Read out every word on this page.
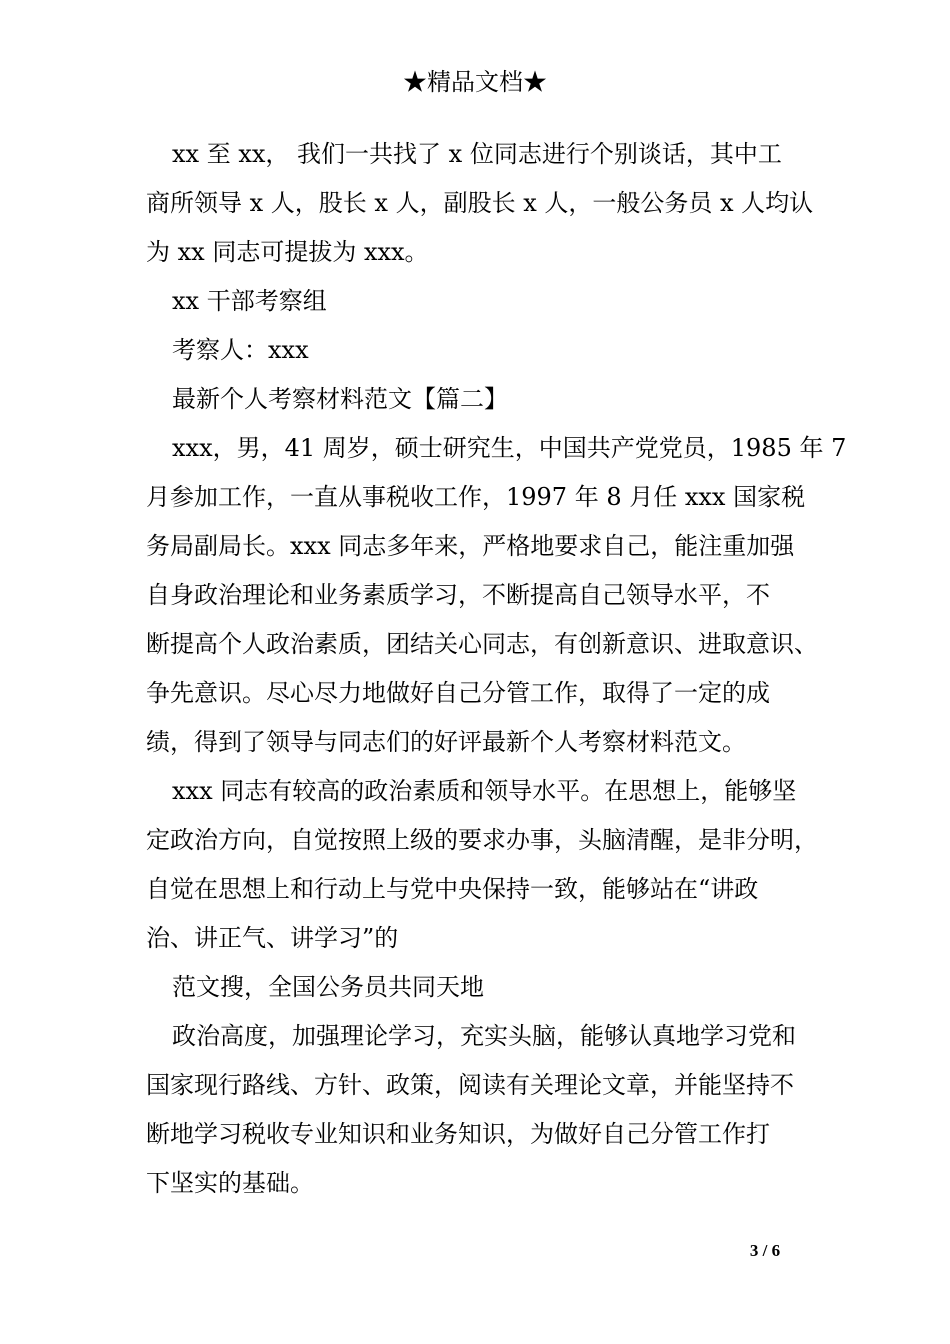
★精品文档★
xx 至 xx， 我们一共找了 x 位同志进行个别谈话，其中工
商所领导 x 人，股长 x 人，副股长 x 人，一般公务员 x 人均认
为 xx 同志可提拔为 xxx。
xx 干部考察组
考察人：xxx
最新个人考察材料范文【篇二】
xxx，男，41 周岁，硕士研究生，中国共产党党员，1985 年 7
月参加工作，一直从事税收工作，1997 年 8 月任 xxx 国家税
务局副局长。xxx 同志多年来，严格地要求自己，能注重加强
自身政治理论和业务素质学习，不断提高自己领导水平，不
断提高个人政治素质，团结关心同志，有创新意识、进取意识、
争先意识。尽心尽力地做好自己分管工作，取得了一定的成
绩，得到了领导与同志们的好评最新个人考察材料范文。
xxx 同志有较高的政治素质和领导水平。在思想上，能够坚
定政治方向，自觉按照上级的要求办事，头脑清醒，是非分明，
自觉在思想上和行动上与党中央保持一致，能够站在“讲政
治、讲正气、讲学习”的
范文搜，全国公务员共同天地
政治高度，加强理论学习，充实头脑，能够认真地学习党和
国家现行路线、方针、政策，阅读有关理论文章，并能坚持不
断地学习税收专业知识和业务知识，为做好自己分管工作打
下坚实的基础。
3 / 6
